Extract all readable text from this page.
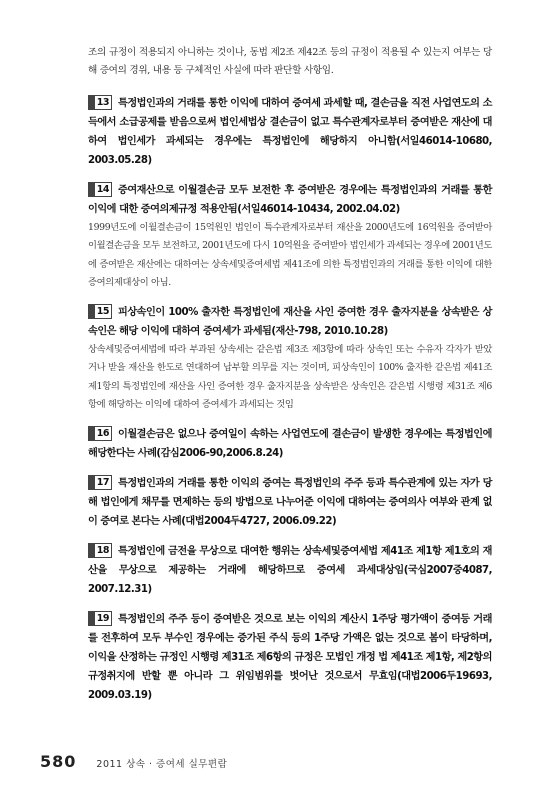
조의 규정이 적용되지 아니하는 것이나, 동법 제2조 제42조 등의 규정이 적용될 수 있는지 여부는 당해 증여의 경위, 내용 등 구체적인 사실에 따라 판단할 사항임.

13 특정법인과의 거래를 통한 이익에 대하여 증여세 과세할 때, 결손금을 직전 사업연도의 소득에서 소급공제를 받음으로써 법인세법상 결손금이 없고 특수관계자로부터 증여받은 재산에 대하여 법인세가 과세되는 경우에는 특정법인에 해당하지 아니함(서일46014-10680, 2003.05.28)
14 증여재산으로 이월결손금 모두 보전한 후 증여받은 경우에는 특정법인과의 거래를 통한 이익에 대한 증여의제규정 적용안됨(서일46014-10434, 2002.04.02)
1999년도에 이월결손금이 15억원인 법인이 특수관계자로부터 재산을 2000년도에 16억원을 증여받아 이월결손금을 모두 보전하고, 2001년도에 다시 10억원을 증여받아 법인세가 과세되는 경우에 2001년도에 증여받은 재산에는 대하여는 상속세및증여세법 제41조에 의한 특정법인과의 거래를 통한 이익에 대한 증여의제대상이 아님.
15 피상속인이 100% 출자한 특정법인에 재산을 사인 증여한 경우 출자지분을 상속받은 상속인은 해당 이익에 대하여 증여세가 과세됨(재산-798, 2010.10.28)
상속세및증여세법에 따라 부과된 상속세는 같은법 제3조 제3항에 따라 상속인 또는 수유자 각자가 받았거나 받을 재산을 한도로 연대하여 납부할 의무를 지는 것이며, 피상속인이 100% 출자한 같은법 제41조 제1항의 특정법인에 재산을 사인 증여한 경우 출자지분을 상속받은 상속인은 같은법 시행령 제31조 제6항에 해당하는 이익에 대하여 증여세가 과세되는 것임
16 이월결손금은 없으나 증여일이 속하는 사업연도에 결손금이 발생한 경우에는 특정법인에 해당한다는 사례(감심2006-90,2006.8.24)
17 특정법인과의 거래를 통한 이익의 증여는 특정법인의 주주 등과 특수관계에 있는 자가 당해 법인에게 채무를 면제하는 등의 방법으로 나누어준 이익에 대하여는 증여의사 여부와 관계 없이 증여로 본다는 사례(대법2004두4727, 2006.09.22)
18 특정법인에 금전을 무상으로 대여한 행위는 상속세및증여세법 제41조 제1항 제1호의 재산을 무상으로 제공하는 거래에 해당하므로 증여세 과세대상임(국심2007중4087, 2007.12.31)
19 특정법인의 주주 등이 증여받은 것으로 보는 이익의 계산시 1주당 평가액이 증여등 거래를 전후하여 모두 부수인 경우에는 증가된 주식 등의 1주당 가액은 없는 것으로 봄이 타당하며, 이익을 산정하는 규정인 시행령 제31조 제6항의 규정은 모법인 개정 법 제41조 제1항, 제2항의 규정취지에 반할 뿐 아니라 그 위임범위를 벗어난 것으로서 무효임(대법2006두19693, 2009.03.19)
580 2011 상속 · 증여세 실무편람
